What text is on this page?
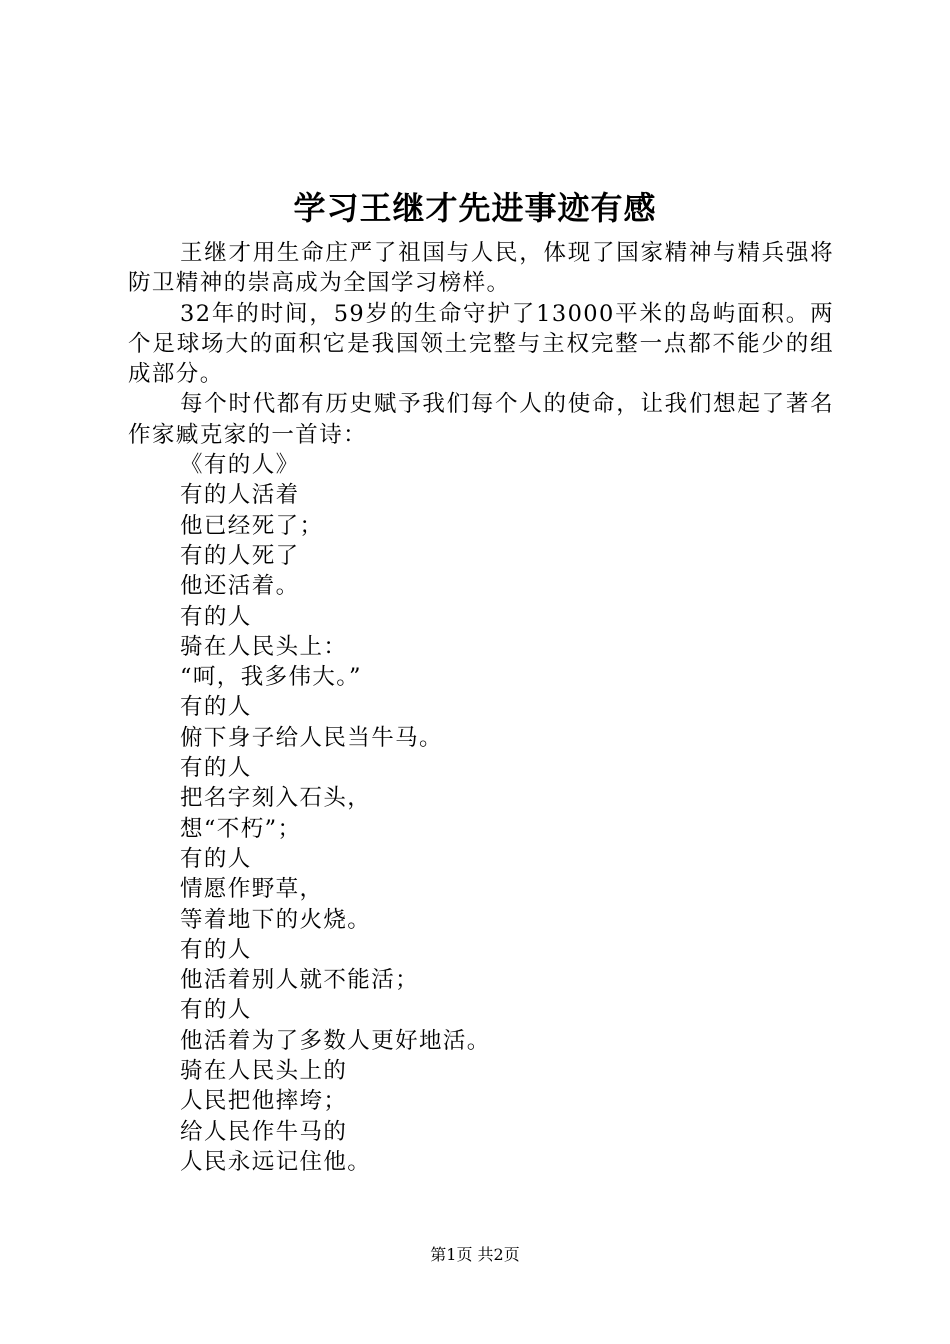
学习王继才先进事迹有感

王继才用生命庄严了祖国与人民，体现了国家精神与精兵强将防卫精神的崇高成为全国学习榜样。

32年的时间，59岁的生命守护了13000平米的岛屿面积。两个足球场大的面积它是我国领土完整与主权完整一点都不能少的组成部分。

每个时代都有历史赋予我们每个人的使命，让我们想起了著名作家臧克家的一首诗：

《有的人》

有的人活着

他已经死了；

有的人死了

他还活着。

有的人

骑在人民头上：

“呵，我多伟大。”

有的人

俯下身子给人民当牛马。

有的人

把名字刻入石头，

想“不朽”；

有的人

情愿作野草，

等着地下的火烧。

有的人

他活着别人就不能活；

有的人

他活着为了多数人更好地活。

骑在人民头上的

人民把他摔垮；

给人民作牛马的

人民永远记住他。

第1页 共2页
